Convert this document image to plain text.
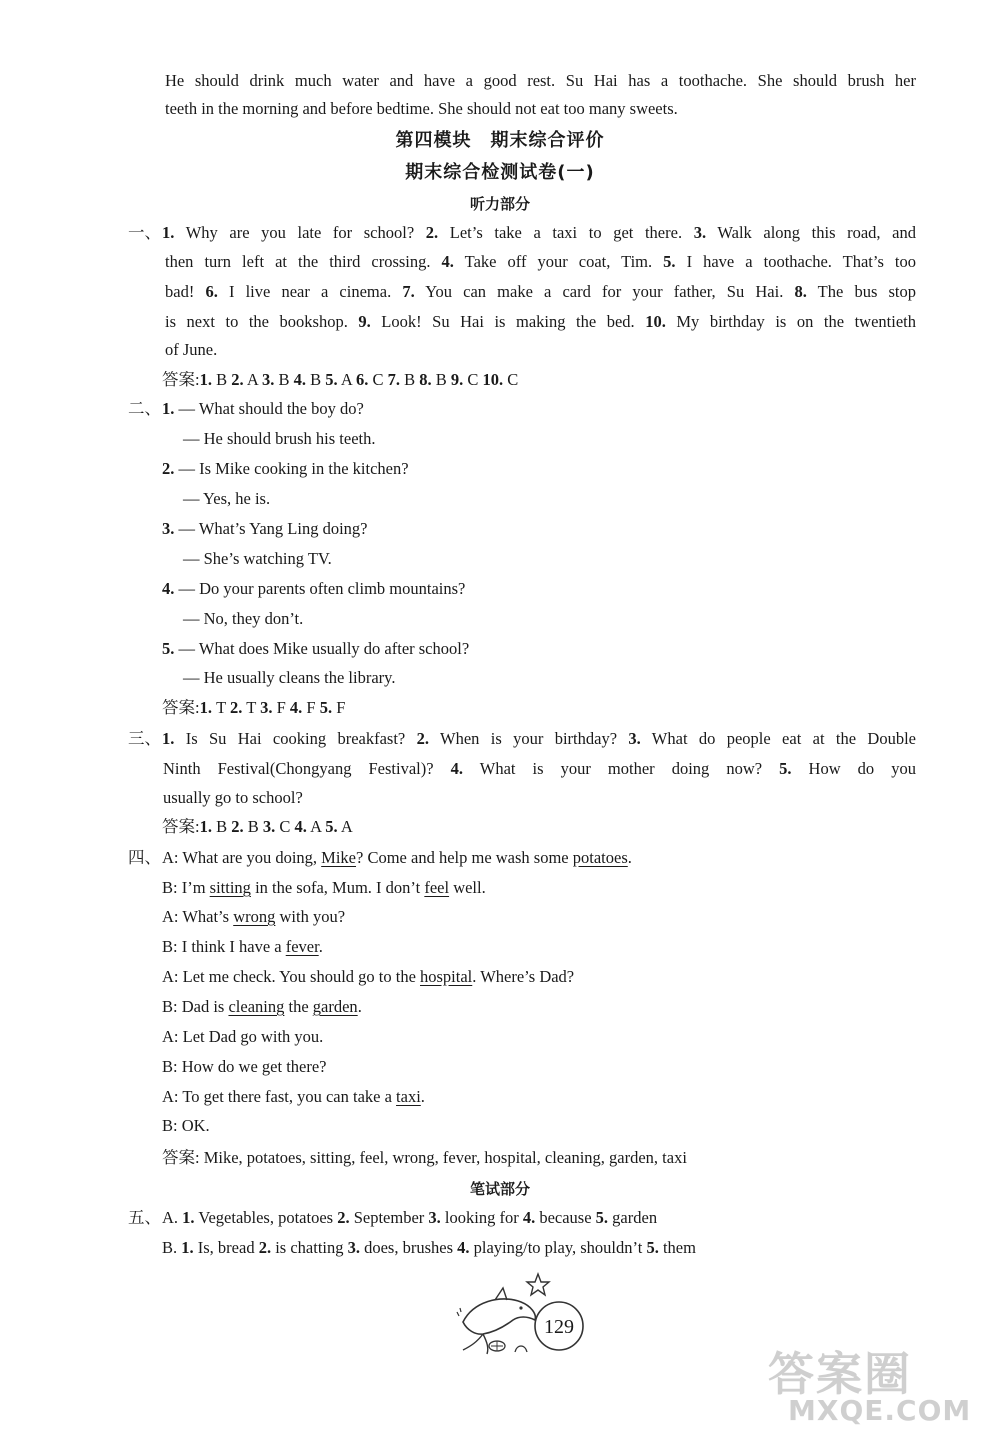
He should drink much water and have a good rest. Su Hai has a toothache. She should brush her
teeth in the morning and before bedtime. She should not eat too many sweets.
第四模块　期末综合评价
期末综合检测试卷(一)
听力部分
一、 1. Why are you late for school? 2. Let’s take a taxi to get there. 3. Walk along this road, and
then turn left at the third crossing. 4. Take off your coat, Tim. 5. I have a toothache. That’s too
bad! 6. I live near a cinema. 7. You can make a card for your father, Su Hai. 8. The bus stop
is next to the bookshop. 9. Look! Su Hai is making the bed. 10. My birthday is on the twentieth
of June.
答案:1. B 2. A 3. B 4. B 5. A 6. C 7. B 8. B 9. C 10. C
二、 1. — What should the boy do?
— He should brush his teeth.
2. — Is Mike cooking in the kitchen?
— Yes, he is.
3. — What’s Yang Ling doing?
— She’s watching TV.
4. — Do your parents often climb mountains?
— No, they don’t.
5. — What does Mike usually do after school?
— He usually cleans the library.
答案:1. T 2. T 3. F 4. F 5. F
三、 1. Is Su Hai cooking breakfast? 2. When is your birthday? 3. What do people eat at the Double
Ninth Festival(Chongyang Festival)? 4. What is your mother doing now? 5. How do you
usually go to school?
答案:1. B 2. B 3. C 4. A 5. A
四、 A: What are you doing, Mike? Come and help me wash some potatoes.
B: I’m sitting in the sofa, Mum. I don’t feel well.
A: What’s wrong with you?
B: I think I have a fever.
A: Let me check. You should go to the hospital. Where’s Dad?
B: Dad is cleaning the garden.
A: Let Dad go with you.
B: How do we get there?
A: To get there fast, you can take a taxi.
B: OK.
答案: Mike, potatoes, sitting, feel, wrong, fever, hospital, cleaning, garden, taxi
笔试部分
五、 A. 1. Vegetables, potatoes 2. September 3. looking for 4. because 5. garden
B. 1. Is, bread 2. is chatting 3. does, brushes 4. playing/to play, shouldn’t 5. them
129
答案圈
MXQE.COM
